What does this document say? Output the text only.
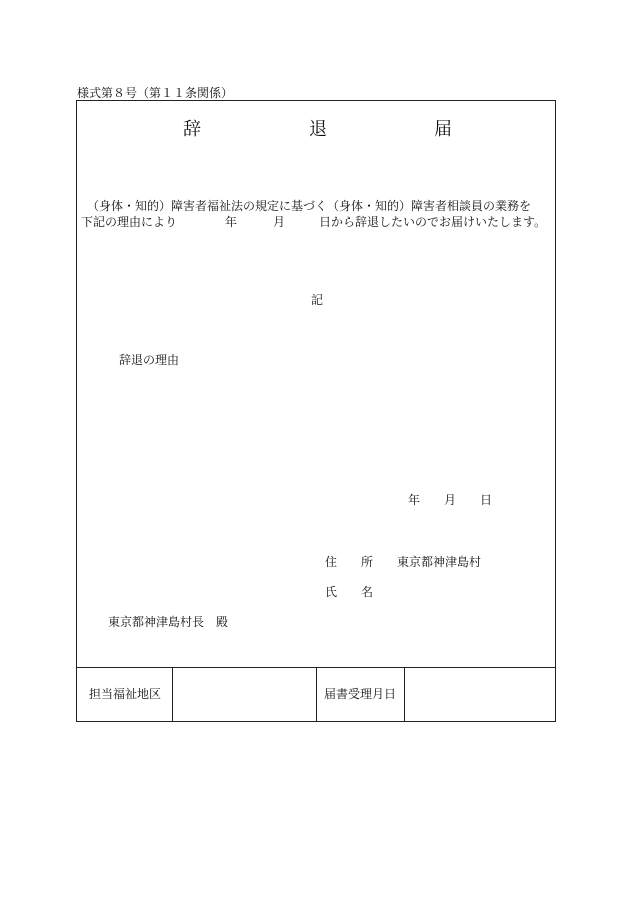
様式第８号（第１１条関係）
辞	退	届
（身体・知的）障害者福祉法の規定に基づく（身体・知的）障害者相談員の業務を
下記の理由により	年	月	日から辞退したいのでお届けいたします。
記
辞退の理由
年 月 日
住 所 東京都神津島村
氏 名
東京都神津島村長　殿
担当福祉地区	届書受理月日
